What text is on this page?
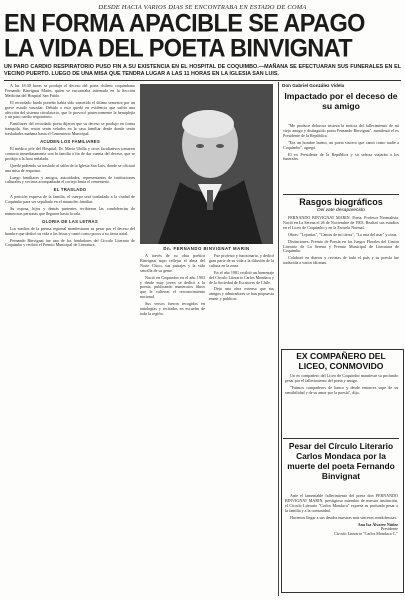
DESDE HACIA VARIOS DIAS SE ENCONTRABA EN ESTADO DE COMA
EN FORMA APACIBLE SE APAGO
LA VIDA DEL POETA BINVIGNAT
UN PARO CARDIO RESPIRATORIO PUSO FIN A SU EXISTENCIA EN EL HOSPITAL DE COQUIMBO.—MAÑANA SE EFECTUARAN SUS FUNERALES EN EL VECINO PUERTO. LUEGO DE UNA MISA QUE TENDRA LUGAR A LAS 11 HORAS EN LA IGLESIA SAN LUIS.

A las 18:30 horas se produjo el deceso del poeta chileno coquimbano Fernando Binvignat Marin, quien se encontraba internado en la Sección Medicina del Hospital San Pablo.

El recordado bardo porteño había sido sometido el último semestre por un grave estado vascular. Debido a esto quedó en evidencia que sufría una afección del sistema circulatorio, que le provocó posteriormente la hemiplejía y un paro cardio respiratorio.

Familiares del recordado poeta dijeron que su deceso se produjo en forma tranquila. Sus restos serán velados en la casa familiar desde donde serán trasladados mañana hasta el Cementerio Municipal.

ACUDEN LOS FAMILIARES

El médico jefe del Hospital, Dr. Mario Ubilla y otros facultativos tomaron contacto inmediatamente con la familia a fin de dar cuenta del deceso, que se produjo a la hora señalada.

Quedó pidiendo su traslado al salón de la Iglesia San Luis, donde se oficiará una misa de responso.

Luego familiares y amigos, autoridades, representantes de instituciones culturales y vecinos acompañarán el cortejo hasta el cementerio.

EL TRASLADO

A petición expresa de la familia, el cuerpo será trasladado a la ciudad de Coquimbo para ser sepultado en el mausoleo familiar.

Su esposa, hijos y demás parientes recibieron las condolencias de numerosas personas que llegaron hasta la sala.

GLORIA DE LAS LETRAS

Los medios de la prensa regional manifestaron su pesar por el deceso del hombre que dedicó su vida a las letras y cantó como pocos a su tierra natal.

Fernando Binvignat fue uno de los fundadores del Círculo Literario de Coquimbo y recibió el Premio Municipal de Literatura.

Dn. FERNANDO BINVIGNAT MARIN

A través de su obra poética Binvignat supo reflejar el alma del Norte Chico, sus paisajes y la vida sencilla de su gente.

Nació en Coquimbo en el año 1903 y desde muy joven se dedicó a la poesía, publicando numerosos libros que le valieron el reconocimiento nacional.

Sus versos fueron recogidos en antologías y recitados en escuelas de toda la región.

Fue profesor y funcionario, y dedicó gran parte de su vida a la difusión de la cultura en la zona.

En el año 1981 recibió un homenaje del Círculo Literario Carlos Mondaca y de la Sociedad de Escritores de Chile.

Deja una obra extensa que sus amigos y admiradores se han propuesto reunir y publicar.

Don Gabriel González Videla
Impactado por el deceso de su amigo

"Me produce dolorosa tristeza la noticia del fallecimiento de mi viejo amigo y distinguido poeta Fernando Binvignat", manifestó el ex Presidente de la República.

"Era un hombre bueno, un poeta sincero que cantó como nadie a Coquimbo", agregó.

El ex Presidente de la República y su señora viajarán a los funerales.

Rasgos biográficos
Del vate desaparecido

FERNANDO BINVIGNAT MARIN. Poeta, Profesor Normalista. Nació en La Serena el 26 de Noviembre de 1903. Realizó sus estudios en el Liceo de Coquimbo y en la Escuela Normal.

Obras: "Lejanías", "Cantos de mi tierra", "La ruta del mar" y otras.

Distinciones: Premio de Poesía en los Juegos Florales del Centro Literario de La Serena y Premio Municipal de Literatura de Coquimbo.

Colaboró en diarios y revistas de todo el país y su poesía fue traducida a varios idiomas.

EX COMPAÑERO DEL LICEO, CONMOVIDO

Un ex compañero del Liceo de Coquimbo manifestó su profundo pesar por el fallecimiento del poeta y amigo.

"Fuimos compañeros de banco y desde entonces supe de su sensibilidad y de su amor por la poesía", dijo.

Pesar del Círculo Literario Carlos Mondaca por la muerte del poeta Fernando Binvignat

Ante el lamentable fallecimiento del poeta don FERNANDO BINVIGNAT MARIN, prestigioso miembro de nuestra institución, el Círculo Literario "Carlos Mondaca" expresa su profundo pesar a la familia y a la comunidad.

Hacemos llegar a sus deudos nuestras más sinceras condolencias.

Ana Isa Álvarez Núñez
Presidente
Círculo Literario "Carlos Mondaca C."
